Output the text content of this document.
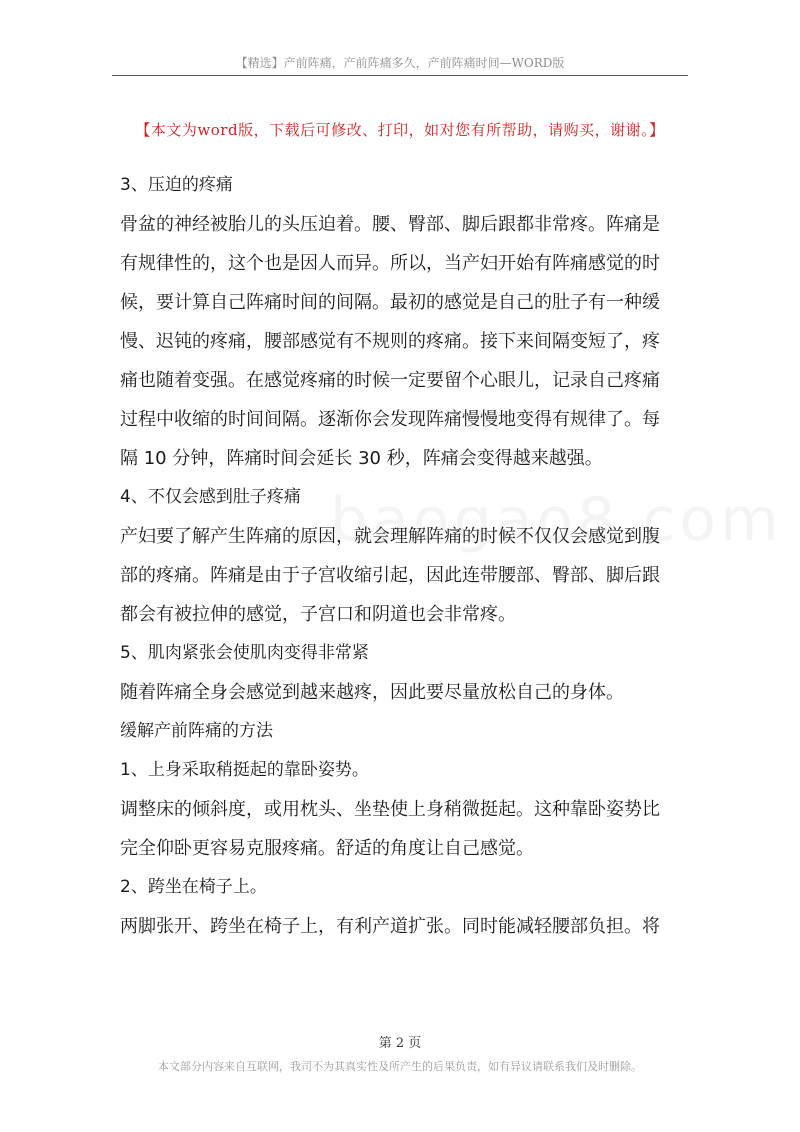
【精选】产前阵痛，产前阵痛多久，产前阵痛时间—WORD版
【本文为word版，下载后可修改、打印，如对您有所帮助，请购买，谢谢。】
3、压迫的疼痛
骨盆的神经被胎儿的头压迫着。腰、臀部、脚后跟都非常疼。阵痛是
有规律性的，这个也是因人而异。所以，当产妇开始有阵痛感觉的时
候，要计算自己阵痛时间的间隔。最初的感觉是自己的肚子有一种缓
慢、迟钝的疼痛，腰部感觉有不规则的疼痛。接下来间隔变短了，疼
痛也随着变强。在感觉疼痛的时候一定要留个心眼儿，记录自己疼痛
过程中收缩的时间间隔。逐渐你会发现阵痛慢慢地变得有规律了。每
隔 10 分钟，阵痛时间会延长 30 秒，阵痛会变得越来越强。
4、不仅会感到肚子疼痛
产妇要了解产生阵痛的原因，就会理解阵痛的时候不仅仅会感觉到腹
部的疼痛。阵痛是由于子宫收缩引起，因此连带腰部、臀部、脚后跟
都会有被拉伸的感觉，子宫口和阴道也会非常疼。
5、肌肉紧张会使肌肉变得非常紧
随着阵痛全身会感觉到越来越疼，因此要尽量放松自己的身体。
缓解产前阵痛的方法
1、上身采取稍挺起的靠卧姿势。
调整床的倾斜度，或用枕头、坐垫使上身稍微挺起。这种靠卧姿势比
完全仰卧更容易克服疼痛。舒适的角度让自己感觉。
2、跨坐在椅子上。
两脚张开、跨坐在椅子上，有利产道扩张。同时能减轻腰部负担。将
第 2 页
本文部分内容来自互联网，我司不为其真实性及所产生的后果负责，如有异议请联系我们及时删除。
